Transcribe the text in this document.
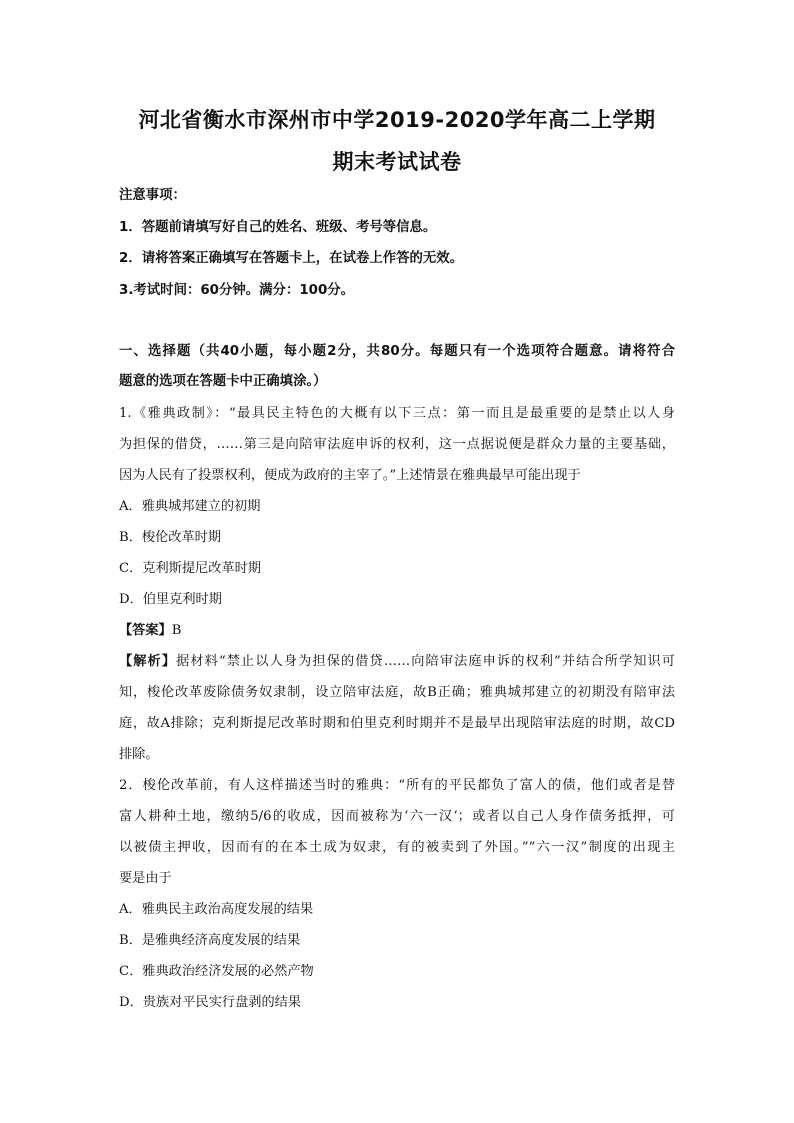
河北省衡水市深州市中学2019-2020学年高二上学期
期末考试试卷
注意事项：
1．答题前请填写好自己的姓名、班级、考号等信息。
2．请将答案正确填写在答题卡上，在试卷上作答的无效。
3.考试时间：60分钟。满分：100分。
一、选择题（共40小题，每小题2分，共80分。每题只有一个选项符合题意。请将符合
题意的选项在答题卡中正确填涂。）
1.《雅典政制》：“最具民主特色的大概有以下三点：第一而且是最重要的是禁止以人身
为担保的借贷，……第三是向陪审法庭申诉的权利，这一点据说便是群众力量的主要基础，
因为人民有了投票权利，便成为政府的主宰了。”上述情景在雅典最早可能出现于
A．雅典城邦建立的初期
B．梭伦改革时期
C．克利斯提尼改革时期
D．伯里克利时期
【答案】B
【解析】据材料“禁止以人身为担保的借贷……向陪审法庭申诉的权利”并结合所学知识可
知，梭伦改革废除债务奴隶制，设立陪审法庭，故B正确；雅典城邦建立的初期没有陪审法
庭，故A排除；克利斯提尼改革时期和伯里克利时期并不是最早出现陪审法庭的时期，故CD
排除。
2．梭伦改革前，有人这样描述当时的雅典：“所有的平民都负了富人的债，他们或者是替
富人耕种土地，缴纳5/6的收成，因而被称为‘六一汉’；或者以自己人身作债务抵押，可
以被债主押收，因而有的在本土成为奴隶，有的被卖到了外国。”“六一汉”制度的出现主
要是由于
A．雅典民主政治高度发展的结果
B．是雅典经济高度发展的结果
C．雅典政治经济发展的必然产物
D．贵族对平民实行盘剥的结果
